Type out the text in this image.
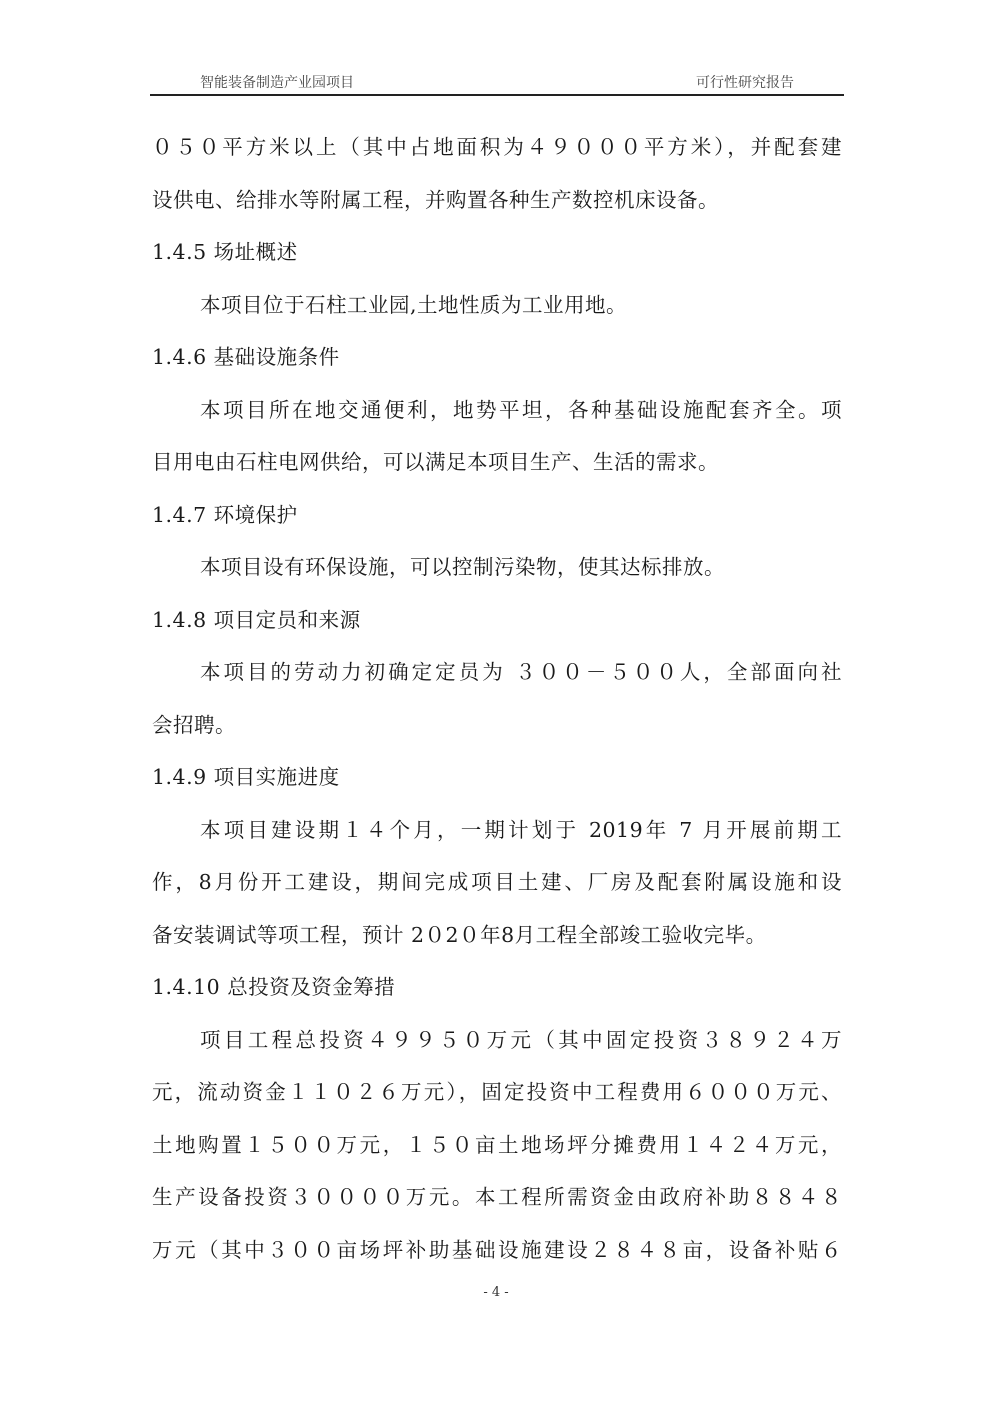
智能装备制造产业园项目	可行性研究报告
０５０平方米以上（其中占地面积为４９０００平方米），并配套建
设供电、给排水等附属工程，并购置各种生产数控机床设备。
1.4.5 场址概述
本项目位于石柱工业园,土地性质为工业用地。
1.4.6 基础设施条件
本项目所在地交通便利，地势平坦，各种基础设施配套齐全。项
目用电由石柱电网供给，可以满足本项目生产、生活的需求。
1.4.7 环境保护
本项目设有环保设施，可以控制污染物，使其达标排放。
1.4.8 项目定员和来源
本项目的劳动力初确定定员为 ３００－５００人，全部面向社
会招聘。
1.4.9 项目实施进度
本项目建设期１４个月，一期计划于 2019年 7 月开展前期工
作，8月份开工建设，期间完成项目土建、厂房及配套附属设施和设
备安装调试等项工程，预计 2０2０年8月工程全部竣工验收完毕。
1.4.10 总投资及资金筹措
项目工程总投资４９９５０万元（其中固定投资３８９２４万
元，流动资金１１０２６万元），固定投资中工程费用６０００万元、
土地购置１５００万元，１５０亩土地场坪分摊费用１４２４万元，
生产设备投资３００００万元。本工程所需资金由政府补助８８４８
万元（其中３００亩场坪补助基础设施建设２８４８亩，设备补贴６
- 4 -
